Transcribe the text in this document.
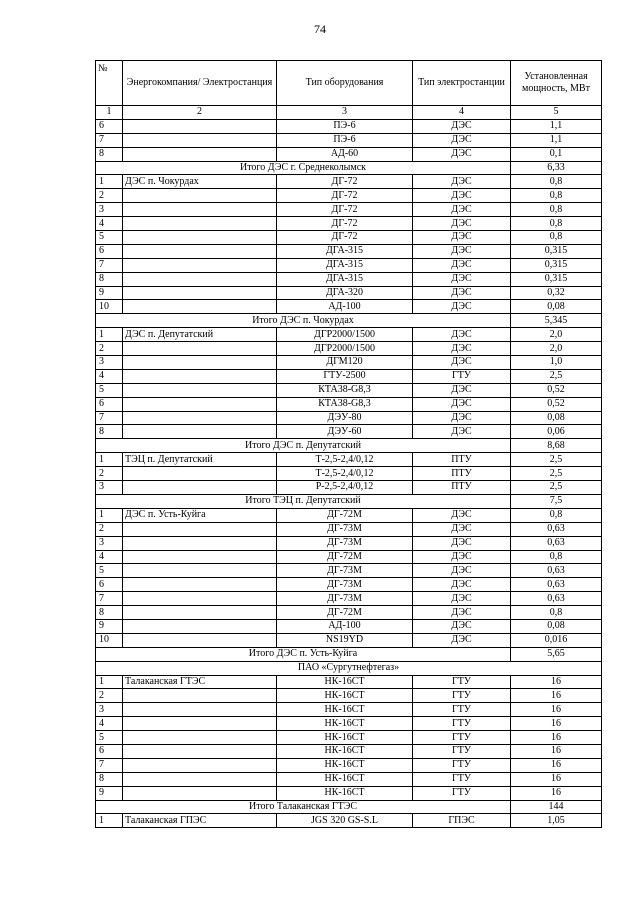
74
№	Энергокомпания/ Электростанция	Тип оборудования	Тип электростанции	Установленная мощность, МВт
1	2	3	4	5
6		ПЭ-6	ДЭС	1,1
7		ПЭ-6	ДЭС	1,1
8		АД-60	ДЭС	0,1
Итого ДЭС г. Среднеколымск				6,33
1	ДЭС п. Чокурдах	ДГ-72	ДЭС	0,8
2		ДГ-72	ДЭС	0,8
3		ДГ-72	ДЭС	0,8
4		ДГ-72	ДЭС	0,8
5		ДГ-72	ДЭС	0,8
6		ДГА-315	ДЭС	0,315
7		ДГА-315	ДЭС	0,315
8		ДГА-315	ДЭС	0,315
9		ДГА-320	ДЭС	0,32
10		АД-100	ДЭС	0,08
Итого ДЭС п. Чокурдах				5,345
1	ДЭС п. Депутатский	ДГР2000/1500	ДЭС	2,0
2		ДГР2000/1500	ДЭС	2,0
3		ДГМ120	ДЭС	1,0
4		ГТУ-2500	ГТУ	2,5
5		КТА38-G8,3	ДЭС	0,52
6		КТА38-G8,3	ДЭС	0,52
7		ДЭУ-80	ДЭС	0,08
8		ДЭУ-60	ДЭС	0,06
Итого ДЭС п. Депутатский				8,68
1	ТЭЦ п. Депутатский	Т-2,5-2,4/0,12	ПТУ	2,5
2		Т-2,5-2,4/0,12	ПТУ	2,5
3		Р-2,5-2,4/0,12	ПТУ	2,5
Итого ТЭЦ п. Депутатский				7,5
1	ДЭС п. Усть-Куйга	ДГ-72М	ДЭС	0,8
2		ДГ-73М	ДЭС	0,63
3		ДГ-73М	ДЭС	0,63
4		ДГ-72М	ДЭС	0,8
5		ДГ-73М	ДЭС	0,63
6		ДГ-73М	ДЭС	0,63
7		ДГ-73М	ДЭС	0,63
8		ДГ-72М	ДЭС	0,8
9		АД-100	ДЭС	0,08
10		NS19YD	ДЭС	0,016
Итого ДЭС п. Усть-Куйга				5,65
ПАО «Сургутнефтегаз»				
1	Талаканская ГТЭС	НК-16СТ	ГТУ	16
2		НК-16СТ	ГТУ	16
3		НК-16СТ	ГТУ	16
4		НК-16СТ	ГТУ	16
5		НК-16СТ	ГТУ	16
6		НК-16СТ	ГТУ	16
7		НК-16СТ	ГТУ	16
8		НК-16СТ	ГТУ	16
9		НК-16СТ	ГТУ	16
Итого Талаканская ГТЭС				144
1	Талаканская ГПЭС	JGS 320 GS-S.L	ГПЭС	1,05
